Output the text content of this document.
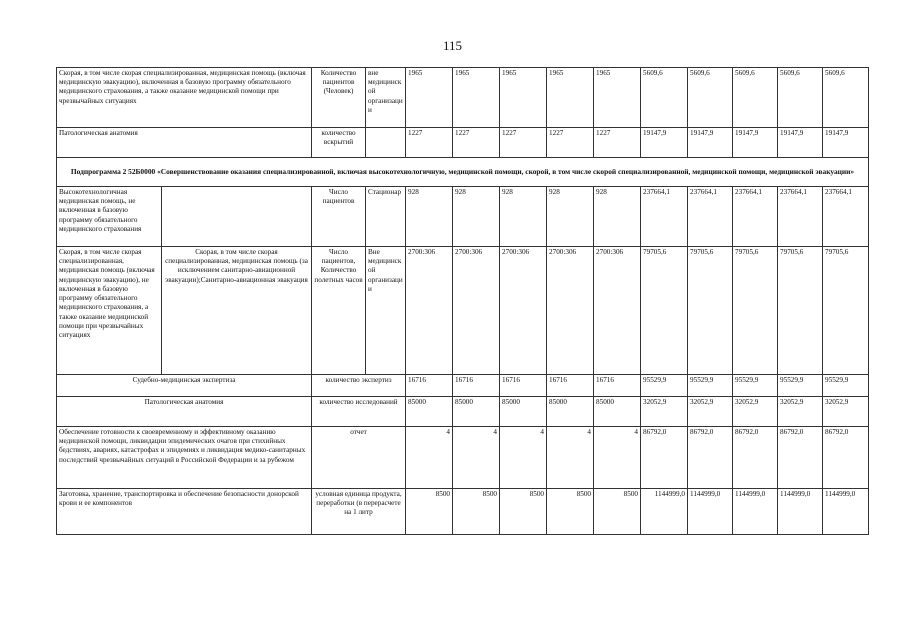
115
Скорая, в том числе скорая специализированная, медицинская помощь (включая медицинскую эвакуацию), включенная в базовую программу обязательного медицинского страхования, а также оказание медицинской помощи при чрезвычайных ситуациях		Количество пациентов (Человек)	вне медицинской организации	1965	1965	1965	1965	1965	5609,6	5609,6	5609,6	5609,6	5609,6
Патологическая анатомия		количество вскрытий		1227	1227	1227	1227	1227	19147,9	19147,9	19147,9	19147,9	19147,9
Подпрограмма 2 52Б0000 «Совершенствование оказания специализированной, включая высокотехнологичную, медицинской помощи, скорой, в том числе скорой специализированной, медицинской помощи, медицинской эвакуации»													
Высокотехнологичная медицинская помощь, не включенная в базовую программу обязательного медицинского страхования		Число пациентов	Стационар	928	928	928	928	928	237664,1	237664,1	237664,1	237664,1	237664,1
Скорая, в том числе скорая специализированная, медицинская помощь (включая медицинскую эвакуацию), не включенная в базовую программу обязательного медицинского страхования, а также оказание медицинской помощи при чрезвычайных ситуациях	Скорая, в том числе скорая специализированная, медицинская помощь (за исключением санитарно-авиационной эвакуации);Санитарно-авиационная эвакуация	Число пациентов, Количество полетных часов	Вне медицинской организации	2700:306	2700:306	2700:306	2700:306	2700:306	79705,6	79705,6	79705,6	79705,6	79705,6
Судебно-медицинская экспертиза		количество экспертиз		16716	16716	16716	16716	16716	95529,9	95529,9	95529,9	95529,9	95529,9
Патологическая анатомия		количество исследований		85000	85000	85000	85000	85000	32052,9	32052,9	32052,9	32052,9	32052,9
Обеспечение готовности к своевременному и эффективному оказанию медицинской помощи, ликвидации эпидемических очагов при стихийных бедствиях, авариях, катастрофах и эпидемиях и ликвидация медико-санитарных последствий чрезвычайных ситуаций в Российской Федерации и за рубежом		отчет		4	4	4	4	4	86792,0	86792,0	86792,0	86792,0	86792,0
Заготовка, хранение, транспортировка и обеспечение безопасности донорской крови и ее компонентов		условная единица продукта, переработки (в перерасчете на 1 литр		8500	8500	8500	8500	8500	1144999,0	1144999,0	1144999,0	1144999,0	1144999,0
